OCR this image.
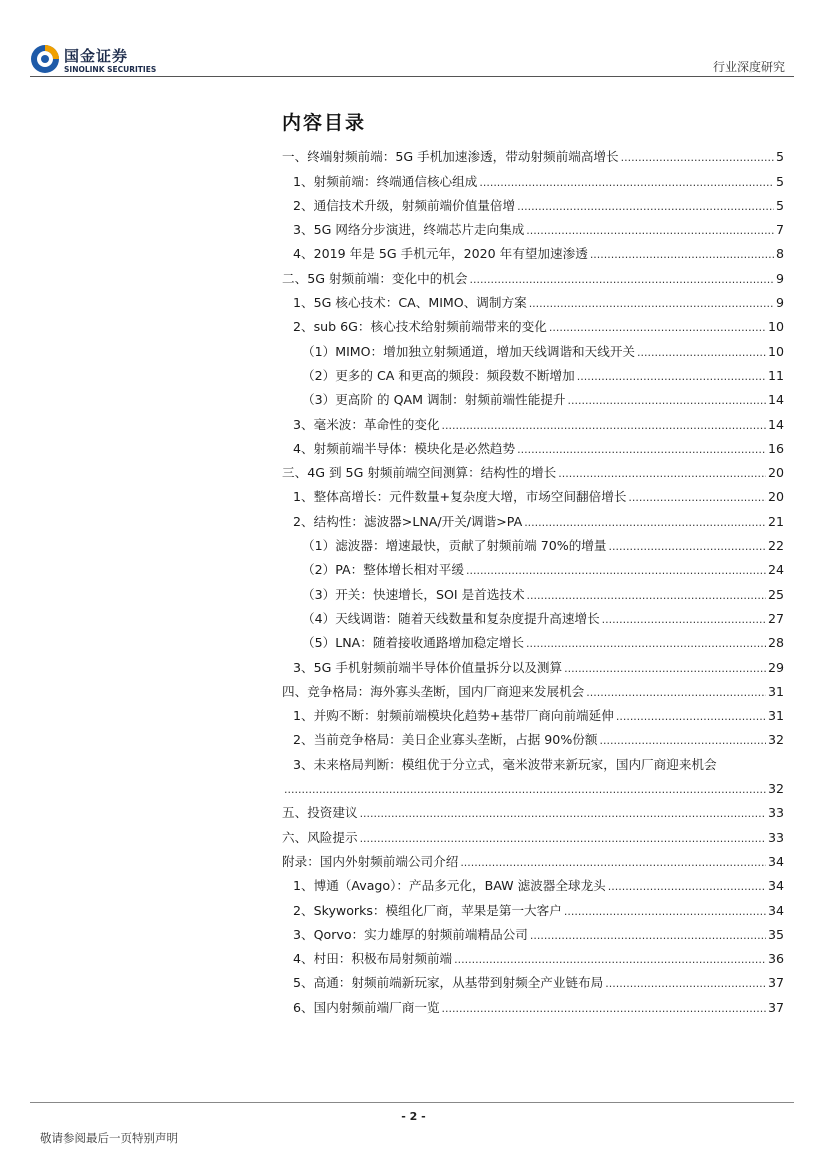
国金证券
SINOLINK SECURITIES	行业深度研究
内容目录
一、终端射频前端：5G 手机加速渗透，带动射频前端高增长 .....	5
1、射频前端：终端通信核心组成 .....	5
2、通信技术升级，射频前端价值量倍增 .....	5
3、5G 网络分步演进，终端芯片走向集成 .....	7
4、2019 年是 5G 手机元年，2020 年有望加速渗透 .....	8
二、5G 射频前端：变化中的机会 .....	9
1、5G 核心技术：CA、MIMO、调制方案 .....	9
2、sub 6G：核心技术给射频前端带来的变化 .....	10
（1）MIMO：增加独立射频通道，增加天线调谐和天线开关 .....	10
（2）更多的 CA 和更高的频段：频段数不断增加 .....	11
（3）更高阶 的 QAM 调制：射频前端性能提升 .....	14
3、毫米波：革命性的变化 .....	14
4、射频前端半导体：模块化是必然趋势 .....	16
三、4G 到 5G 射频前端空间测算：结构性的增长 .....	20
1、整体高增长：元件数量+复杂度大增，市场空间翻倍增长 .....	20
2、结构性：滤波器>LNA/开关/调谐>PA .....	21
（1）滤波器：增速最快，贡献了射频前端 70%的增量 .....	22
（2）PA：整体增长相对平缓 .....	24
（3）开关：快速增长，SOI 是首选技术 .....	25
（4）天线调谐：随着天线数量和复杂度提升高速增长 .....	27
（5）LNA：随着接收通路增加稳定增长 .....	28
3、5G 手机射频前端半导体价值量拆分以及测算 .....	29
四、竞争格局：海外寡头垄断，国内厂商迎来发展机会 .....	31
1、并购不断：射频前端模块化趋势+基带厂商向前端延伸 .....	31
2、当前竞争格局：美日企业寡头垄断，占据 90%份额 .....	32
3、未来格局判断：模组优于分立式，毫米波带来新玩家，国内厂商迎来机会
.....
32
五、投资建议 .....	33
六、风险提示 .....	33
附录：国内外射频前端公司介绍 .....	34
1、博通（Avago）：产品多元化，BAW 滤波器全球龙头 .....	34
2、Skyworks：模组化厂商，苹果是第一大客户 .....	34
3、Qorvo：实力雄厚的射频前端精品公司 .....	35
4、村田：积极布局射频前端 .....	36
5、高通：射频前端新玩家，从基带到射频全产业链布局 .....	37
6、国内射频前端厂商一览 .....	37
- 2 -
敬请参阅最后一页特别声明
